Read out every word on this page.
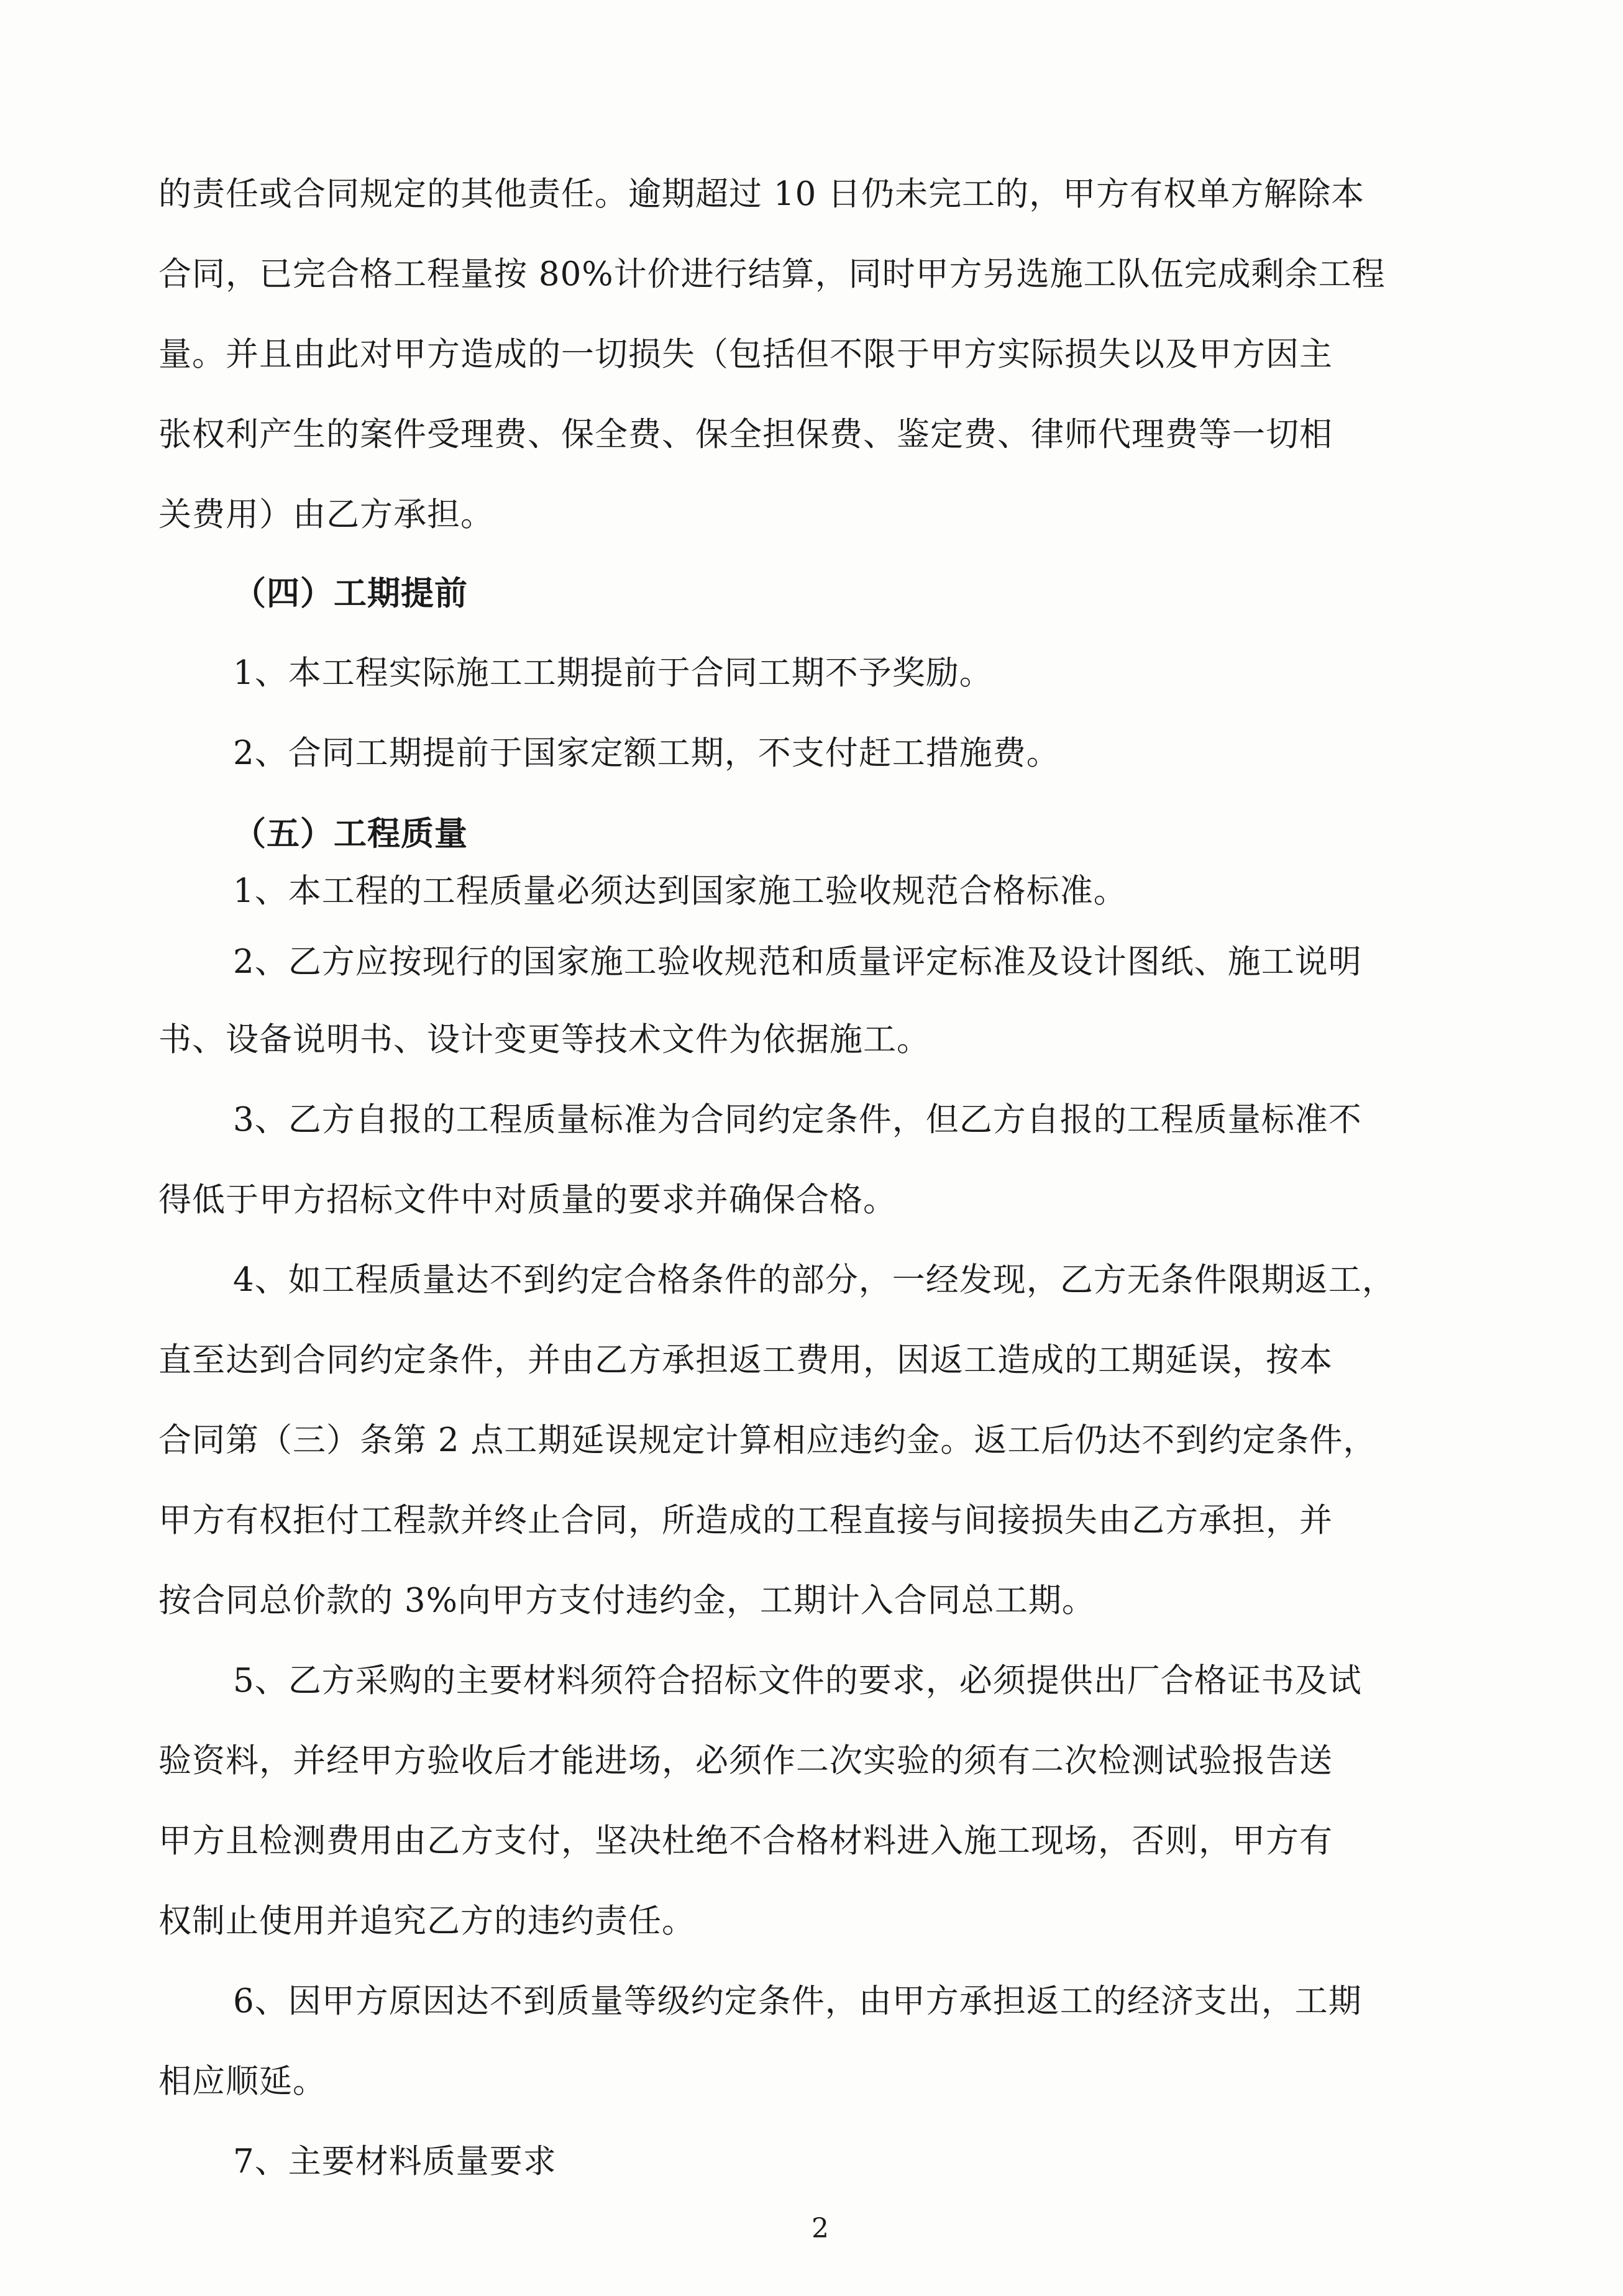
的责任或合同规定的其他责任。逾期超过 10 日仍未完工的，甲方有权单方解除本
合同，已完合格工程量按 80%计价进行结算，同时甲方另选施工队伍完成剩余工程
量。并且由此对甲方造成的一切损失（包括但不限于甲方实际损失以及甲方因主
张权利产生的案件受理费、保全费、保全担保费、鉴定费、律师代理费等一切相
关费用）由乙方承担。
（四）工期提前
1、本工程实际施工工期提前于合同工期不予奖励。
2、合同工期提前于国家定额工期，不支付赶工措施费。
（五）工程质量
1、本工程的工程质量必须达到国家施工验收规范合格标准。
2、乙方应按现行的国家施工验收规范和质量评定标准及设计图纸、施工说明
书、设备说明书、设计变更等技术文件为依据施工。
3、乙方自报的工程质量标准为合同约定条件，但乙方自报的工程质量标准不
得低于甲方招标文件中对质量的要求并确保合格。
4、如工程质量达不到约定合格条件的部分，一经发现，乙方无条件限期返工，
直至达到合同约定条件，并由乙方承担返工费用，因返工造成的工期延误，按本
合同第（三）条第 2 点工期延误规定计算相应违约金。返工后仍达不到约定条件，
甲方有权拒付工程款并终止合同，所造成的工程直接与间接损失由乙方承担，并
按合同总价款的 3%向甲方支付违约金，工期计入合同总工期。
5、乙方采购的主要材料须符合招标文件的要求，必须提供出厂合格证书及试
验资料，并经甲方验收后才能进场，必须作二次实验的须有二次检测试验报告送
甲方且检测费用由乙方支付，坚决杜绝不合格材料进入施工现场，否则，甲方有
权制止使用并追究乙方的违约责任。
6、因甲方原因达不到质量等级约定条件，由甲方承担返工的经济支出，工期
相应顺延。
7、主要材料质量要求
2
